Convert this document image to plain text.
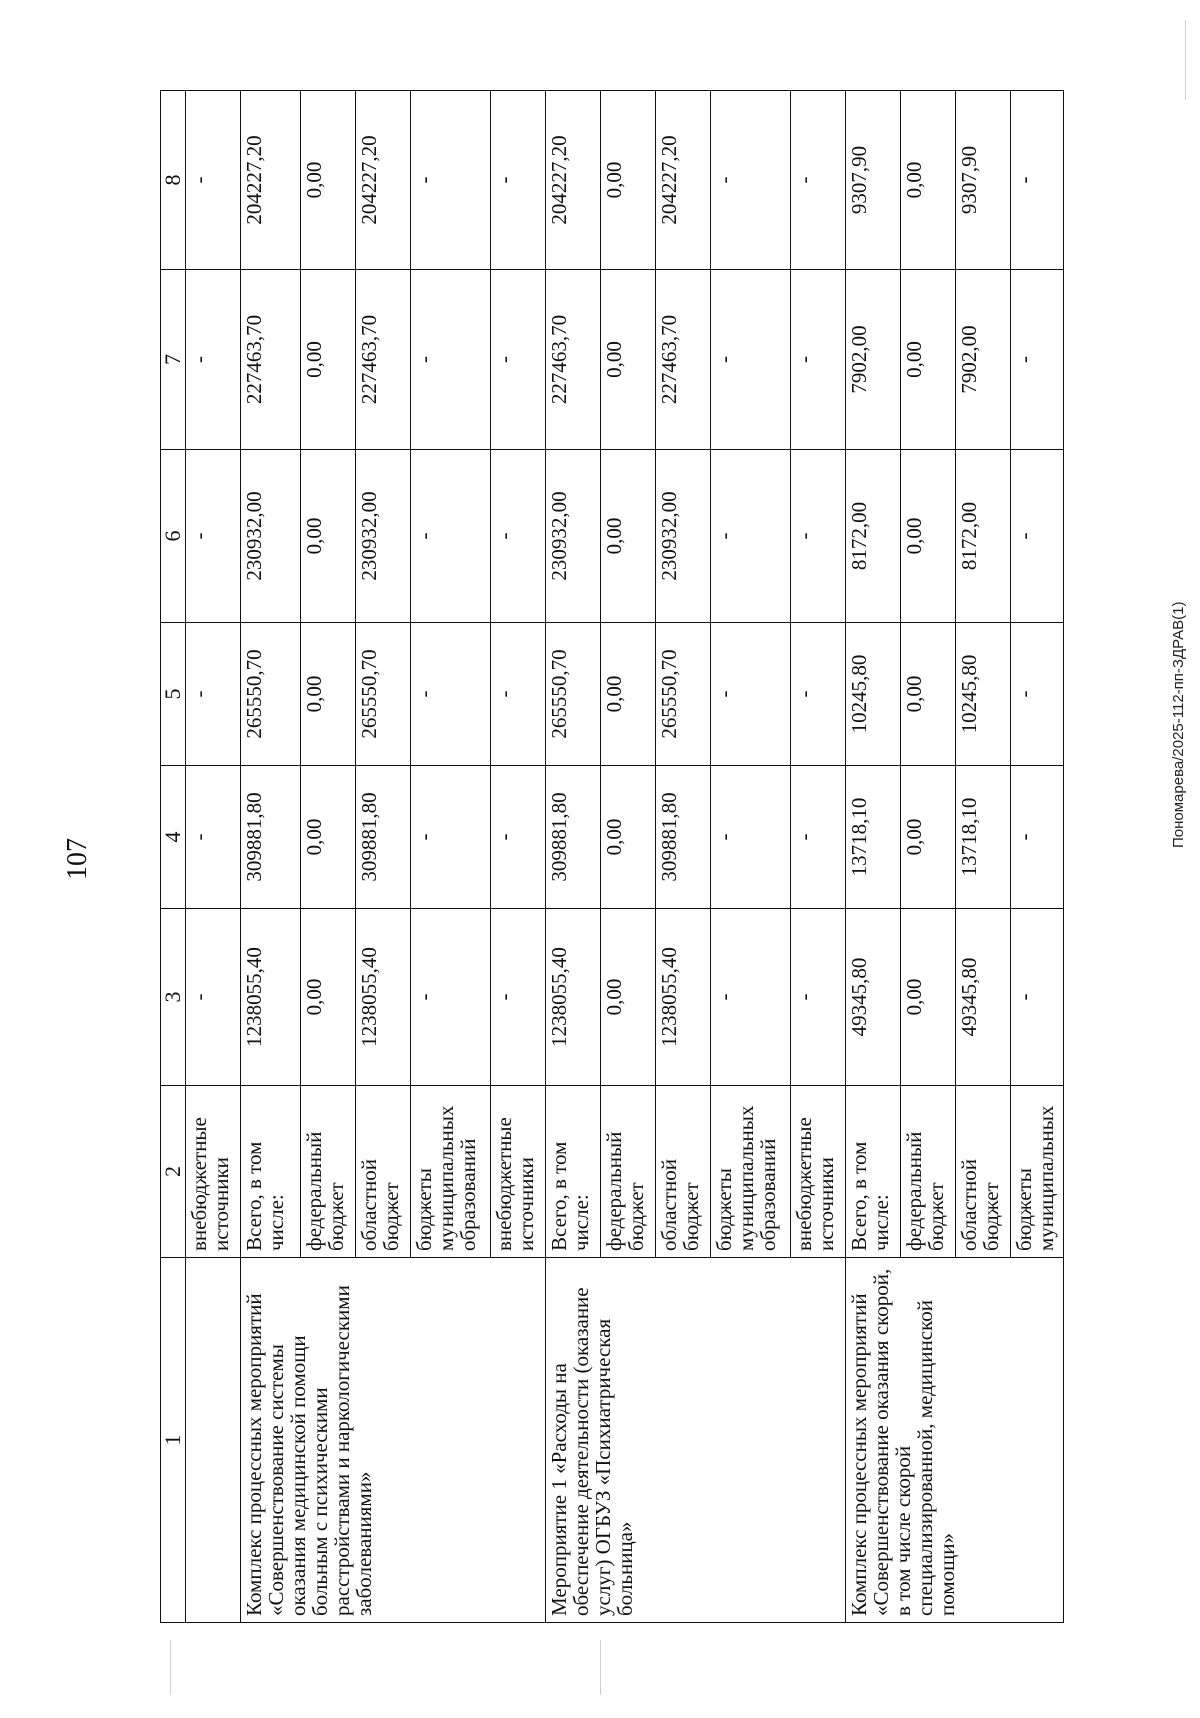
107
1	2	3	4	5	6	7	8
	внебюджетные источники	-	-	-	-	-	-
Комплекс процессных мероприятий «Совершенствование системы оказания медицинской помощи больным с психическими расстройствами и наркологическими заболеваниями»	Всего, в том числе:	1238055,40	309881,80	265550,70	230932,00	227463,70	204227,20
	федеральный бюджет	0,00	0,00	0,00	0,00	0,00	0,00
	областной бюджет	1238055,40	309881,80	265550,70	230932,00	227463,70	204227,20
	бюджеты муниципальных образований	-	-	-	-	-	-
	внебюджетные источники	-	-	-	-	-	-
Мероприятие 1 «Расходы на обеспечение деятельности (оказание услуг) ОГБУЗ «Психиатрическая больница»	Всего, в том числе:	1238055,40	309881,80	265550,70	230932,00	227463,70	204227,20
	федеральный бюджет	0,00	0,00	0,00	0,00	0,00	0,00
	областной бюджет	1238055,40	309881,80	265550,70	230932,00	227463,70	204227,20
	бюджеты муниципальных образований	-	-	-	-	-	-
	внебюджетные источники	-	-	-	-	-	-
Комплекс процессных мероприятий «Совершенствование оказания скорой, в том числе скорой специализированной, медицинской помощи»	Всего, в том числе:	49345,80	13718,10	10245,80	8172,00	7902,00	9307,90
	федеральный бюджет	0,00	0,00	0,00	0,00	0,00	0,00
	областной бюджет	49345,80	13718,10	10245,80	8172,00	7902,00	9307,90
	бюджеты муниципальных	-	-	-	-	-	-
Пономарева/2025-112-пп-ЗДРАВ(1)
